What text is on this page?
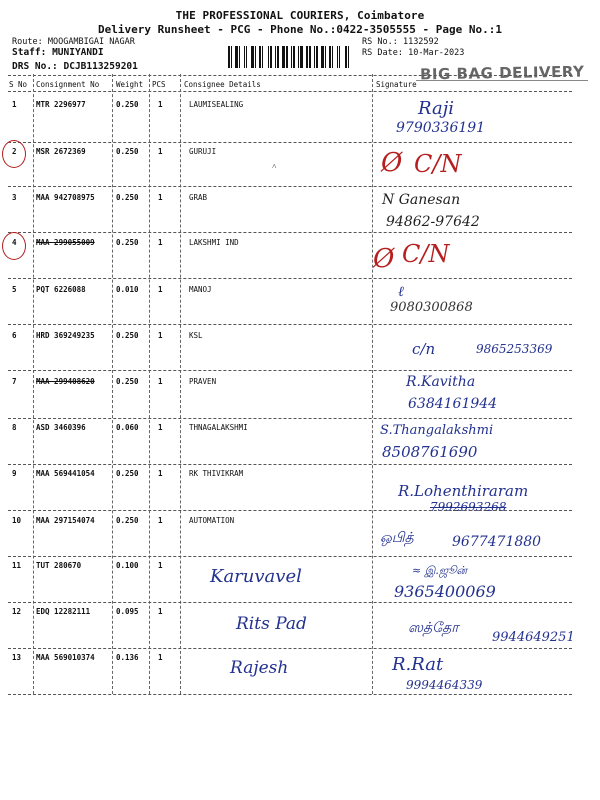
THE PROFESSIONAL COURIERS, Coimbatore
Delivery Runsheet - PCG - Phone No.:0422-3505555 - Page No.:1
Route: MOOGAMBIGAI NAGAR
Staff: MUNIYANDI
DRS No.: DCJB113259201
RS No.: 1132592
RS Date: 10-Mar-2023
BIG BAG DELIVERY
S No Consignment No Weight PCS Consignee Details	Signature
1	MTR 2296977	0.250	1	LAUMISEALING	Raji
9790336191
2	MSR 2672369	0.250	1	GURUJI
˄	Ø C/N
3	MAA 942708975	0.250	1	GRAB	N Ganesan
94862-97642
4	MAA 299055009	0.250	1	LAKSHMI IND
Ø C/N
5	PQT 6226088	0.010	1	MANOJ	ℓ
9080300868
6	HRD 369249235	0.250	1	KSL
c/n	9865253369
7	MAA 299408620	0.250	1	PRAVEN	R.Kavitha
6384161944
8	ASD 3460396	0.060	1	THNAGALAKSHMI	S.Thangalakshmi
8508761690
9	MAA 569441054	0.250	1	RK THIVIKRAM
R.Lohenthiraram
7992693268
10 MAA 297154074	0.250	1	AUTOMATION
ஒபித்	9677471880
11 TUT 280670	0.100	1
Karuvavel	≈ இ.ஜூன்
9365400069
12 EDQ 12282111	0.095	1
Rits Pad	ஸத்தோ
9944649251
13 MAA 569010374	0.136	1
Rajesh	R.Rat
9994464339
